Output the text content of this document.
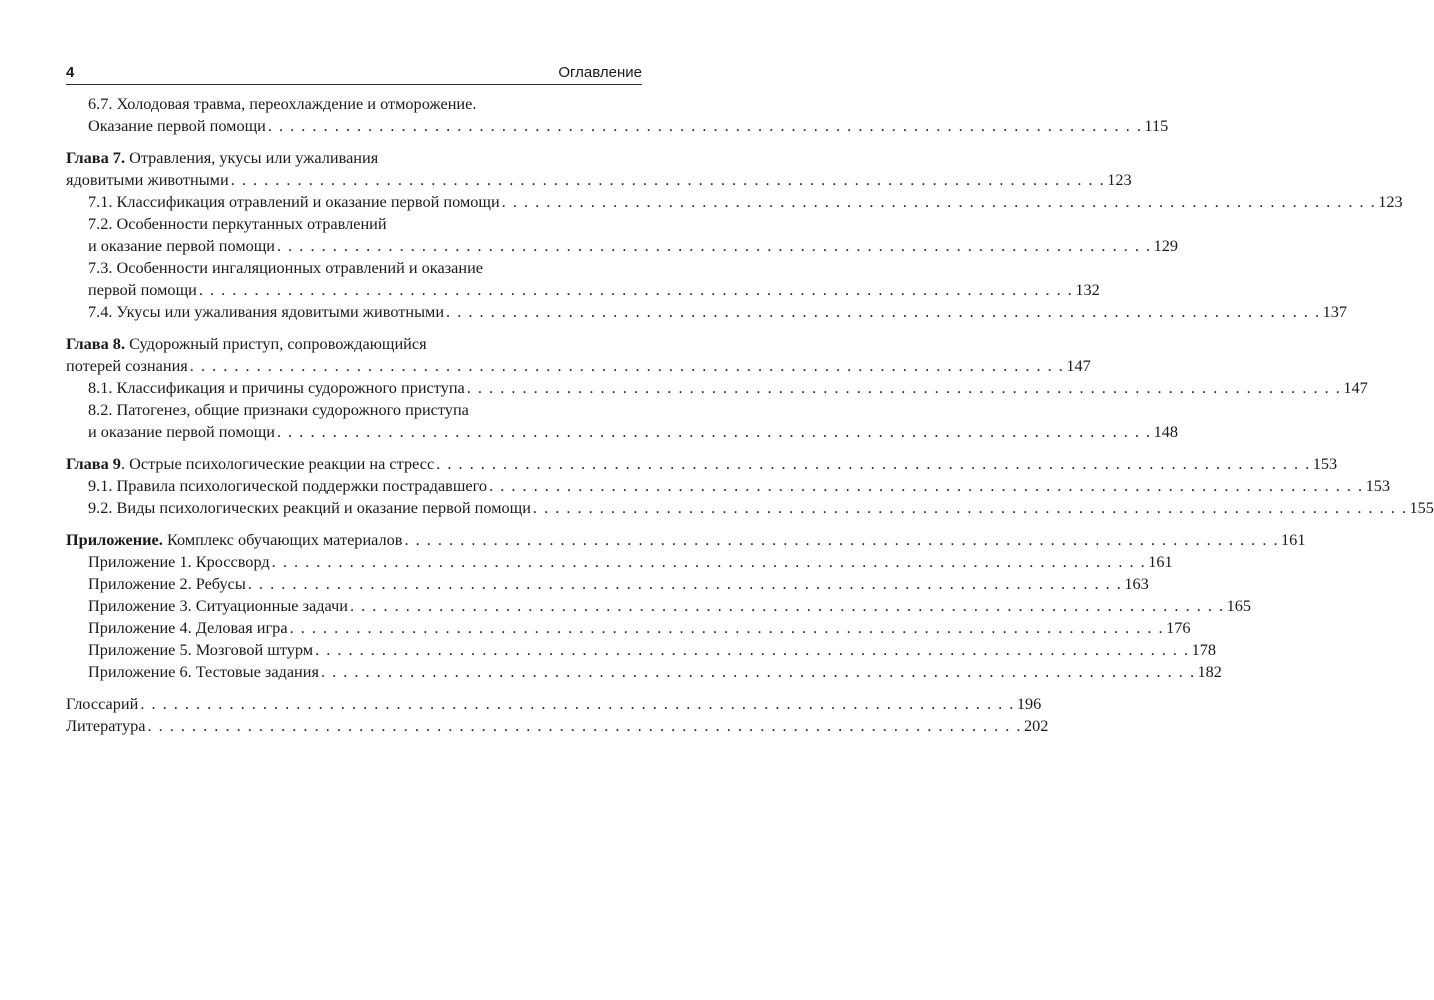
4	Оглавление
6.7. Холодовая травма, переохлаждение и отморожение.
Оказание первой помощи . . . . . . . . . . . . . . . . . . . . . . . . . . . . . . . . . . . . . . . . . . . . . . . . . . . . . . . . . . . . . . . . . . . . . . . . . . . . . . . 115
Глава 7. Отравления, укусы или ужаливания
ядовитыми животными . . . . . . . . . . . . . . . . . . . . . . . . . . . . . . . . . . . . . . . . . . . . . . . . . . . . . . . . . . . . . . . . . . . . . . . . . . . . . . . 123
7.1. Классификация отравлений и оказание первой помощи . . . . . . . . . . . . . . . . . . . . . . . . . . . . . . . . . . . . . . . . . . . . . . . . . . . . . . . . . . . . . . . . . . . . . . . . . . . . . . . 123
7.2. Особенности перкутанных отравлений
и оказание первой помощи . . . . . . . . . . . . . . . . . . . . . . . . . . . . . . . . . . . . . . . . . . . . . . . . . . . . . . . . . . . . . . . . . . . . . . . . . . . . . . . 129
7.3. Особенности ингаляционных отравлений и оказание
первой помощи . . . . . . . . . . . . . . . . . . . . . . . . . . . . . . . . . . . . . . . . . . . . . . . . . . . . . . . . . . . . . . . . . . . . . . . . . . . . . . . 132
7.4. Укусы или ужаливания ядовитыми животными . . . . . . . . . . . . . . . . . . . . . . . . . . . . . . . . . . . . . . . . . . . . . . . . . . . . . . . . . . . . . . . . . . . . . . . . . . . . . . . 137
Глава 8. Судорожный приступ, сопровождающийся
потерей сознания . . . . . . . . . . . . . . . . . . . . . . . . . . . . . . . . . . . . . . . . . . . . . . . . . . . . . . . . . . . . . . . . . . . . . . . . . . . . . . . 147
8.1. Классификация и причины судорожного приступа . . . . . . . . . . . . . . . . . . . . . . . . . . . . . . . . . . . . . . . . . . . . . . . . . . . . . . . . . . . . . . . . . . . . . . . . . . . . . . . 147
8.2. Патогенез, общие признаки судорожного приступа
и оказание первой помощи . . . . . . . . . . . . . . . . . . . . . . . . . . . . . . . . . . . . . . . . . . . . . . . . . . . . . . . . . . . . . . . . . . . . . . . . . . . . . . . 148
Глава 9. Острые психологические реакции на стресс . . . . . . . . . . . . . . . . . . . . . . . . . . . . . . . . . . . . . . . . . . . . . . . . . . . . . . . . . . . . . . . . . . . . . . . . . . . . . . . 153
9.1. Правила психологической поддержки пострадавшего . . . . . . . . . . . . . . . . . . . . . . . . . . . . . . . . . . . . . . . . . . . . . . . . . . . . . . . . . . . . . . . . . . . . . . . . . . . . . . . 153
9.2. Виды психологических реакций и оказание первой помощи . . . . . . . . . . . . . . . . . . . . . . . . . . . . . . . . . . . . . . . . . . . . . . . . . . . . . . . . . . . . . . . . . . . . . . . . . . . . . . . 155
Приложение. Комплекс обучающих материалов . . . . . . . . . . . . . . . . . . . . . . . . . . . . . . . . . . . . . . . . . . . . . . . . . . . . . . . . . . . . . . . . . . . . . . . . . . . . . . . 161
Приложение 1. Кроссворд . . . . . . . . . . . . . . . . . . . . . . . . . . . . . . . . . . . . . . . . . . . . . . . . . . . . . . . . . . . . . . . . . . . . . . . . . . . . . . . 161
Приложение 2. Ребусы . . . . . . . . . . . . . . . . . . . . . . . . . . . . . . . . . . . . . . . . . . . . . . . . . . . . . . . . . . . . . . . . . . . . . . . . . . . . . . . 163
Приложение 3. Ситуационные задачи . . . . . . . . . . . . . . . . . . . . . . . . . . . . . . . . . . . . . . . . . . . . . . . . . . . . . . . . . . . . . . . . . . . . . . . . . . . . . . . 165
Приложение 4. Деловая игра . . . . . . . . . . . . . . . . . . . . . . . . . . . . . . . . . . . . . . . . . . . . . . . . . . . . . . . . . . . . . . . . . . . . . . . . . . . . . . . 176
Приложение 5. Мозговой штурм . . . . . . . . . . . . . . . . . . . . . . . . . . . . . . . . . . . . . . . . . . . . . . . . . . . . . . . . . . . . . . . . . . . . . . . . . . . . . . . 178
Приложение 6. Тестовые задания . . . . . . . . . . . . . . . . . . . . . . . . . . . . . . . . . . . . . . . . . . . . . . . . . . . . . . . . . . . . . . . . . . . . . . . . . . . . . . . 182
Глоссарий . . . . . . . . . . . . . . . . . . . . . . . . . . . . . . . . . . . . . . . . . . . . . . . . . . . . . . . . . . . . . . . . . . . . . . . . . . . . . . . 196
Литература . . . . . . . . . . . . . . . . . . . . . . . . . . . . . . . . . . . . . . . . . . . . . . . . . . . . . . . . . . . . . . . . . . . . . . . . . . . . . . . 202
